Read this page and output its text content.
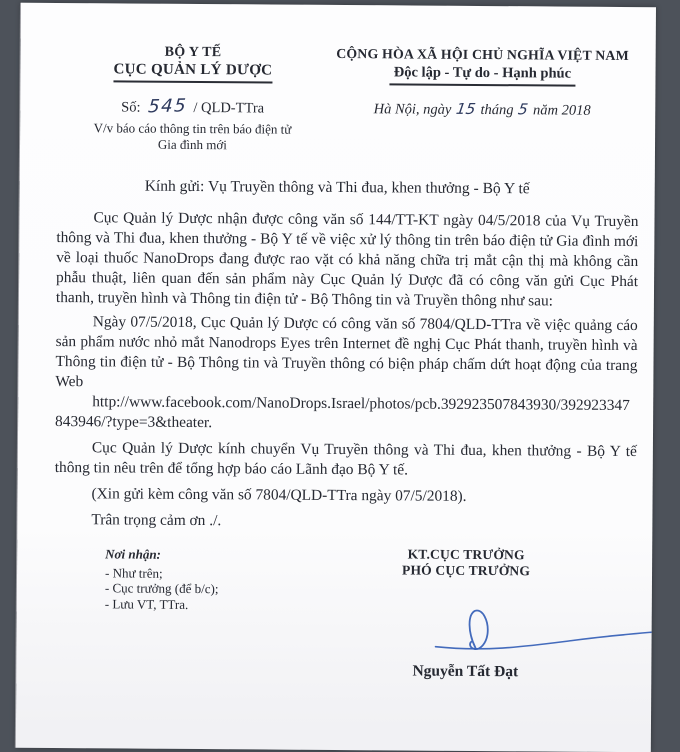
BỘ Y TẾ
CỤC QUẢN LÝ DƯỢC
Số: 545 / QLD-TTra
V/v báo cáo thông tin trên báo điện tử
Gia đình mới
CỘNG HÒA XÃ HỘI CHỦ NGHĨA VIỆT NAM
Độc lập - Tự do - Hạnh phúc
Hà Nội, ngày 15 tháng 5 năm 2018
Kính gửi: Vụ Truyền thông và Thi đua, khen thưởng - Bộ Y tế

Cục Quản lý Dược nhận được công văn số 144/TT-KT ngày 04/5/2018 của Vụ Truyền thông và Thi đua, khen thưởng - Bộ Y tế về việc xử lý thông tin trên báo điện tử Gia đình mới về loại thuốc NanoDrops đang được rao vặt có khả năng chữa trị mắt cận thị mà không cần phẫu thuật, liên quan đến sản phẩm này Cục Quản lý Dược đã có công văn gửi Cục Phát thanh, truyền hình và Thông tin điện tử - Bộ Thông tin và Truyền thông như sau:

Ngày 07/5/2018, Cục Quản lý Dược có công văn số 7804/QLD-TTra về việc quảng cáo sản phẩm nước nhỏ mắt Nanodrops Eyes trên Internet đề nghị Cục Phát thanh, truyền hình và Thông tin điện tử - Bộ Thông tin và Truyền thông có biện pháp chấm dứt hoạt động của trang Web

http://www.facebook.com/NanoDrops.Israel/photos/pcb.392923507843930/392923347843946/?type=3&theater.

Cục Quản lý Dược kính chuyển Vụ Truyền thông và Thi đua, khen thưởng - Bộ Y tế thông tin nêu trên để tổng hợp báo cáo Lãnh đạo Bộ Y tế.

(Xin gửi kèm công văn số 7804/QLD-TTra ngày 07/5/2018).

Trân trọng cảm ơn ./.

Nơi nhận:
- Như trên;
- Cục trưởng (để b/c);
- Lưu VT, TTra.
KT.CỤC TRƯỞNG
PHÓ CỤC TRƯỞNG
Nguyễn Tất Đạt
